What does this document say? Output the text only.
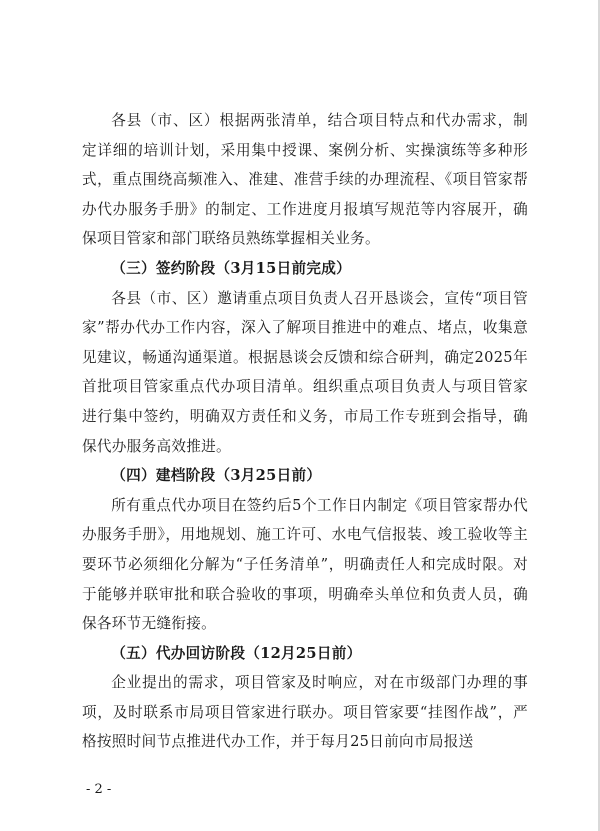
各县（市、区）根据两张清单，结合项目特点和代办需求，制定详细的培训计划，采用集中授课、案例分析、实操演练等多种形式，重点围绕高频准入、准建、准营手续的办理流程、《项目管家帮办代办服务手册》的制定、工作进度月报填写规范等内容展开，确保项目管家和部门联络员熟练掌握相关业务。

（三）签约阶段（3月15日前完成）

各县（市、区）邀请重点项目负责人召开恳谈会，宣传“项目管家”帮办代办工作内容，深入了解项目推进中的难点、堵点，收集意见建议，畅通沟通渠道。根据恳谈会反馈和综合研判，确定2025年首批项目管家重点代办项目清单。组织重点项目负责人与项目管家进行集中签约，明确双方责任和义务，市局工作专班到会指导，确保代办服务高效推进。

（四）建档阶段（3月25日前）

所有重点代办项目在签约后5个工作日内制定《项目管家帮办代办服务手册》，用地规划、施工许可、水电气信报装、竣工验收等主要环节必须细化分解为“子任务清单”，明确责任人和完成时限。对于能够并联审批和联合验收的事项，明确牵头单位和负责人员，确保各环节无缝衔接。

（五）代办回访阶段（12月25日前）

企业提出的需求，项目管家及时响应，对在市级部门办理的事项，及时联系市局项目管家进行联办。项目管家要“挂图作战”，严格按照时间节点推进代办工作，并于每月25日前向市局报送

- 2 -
